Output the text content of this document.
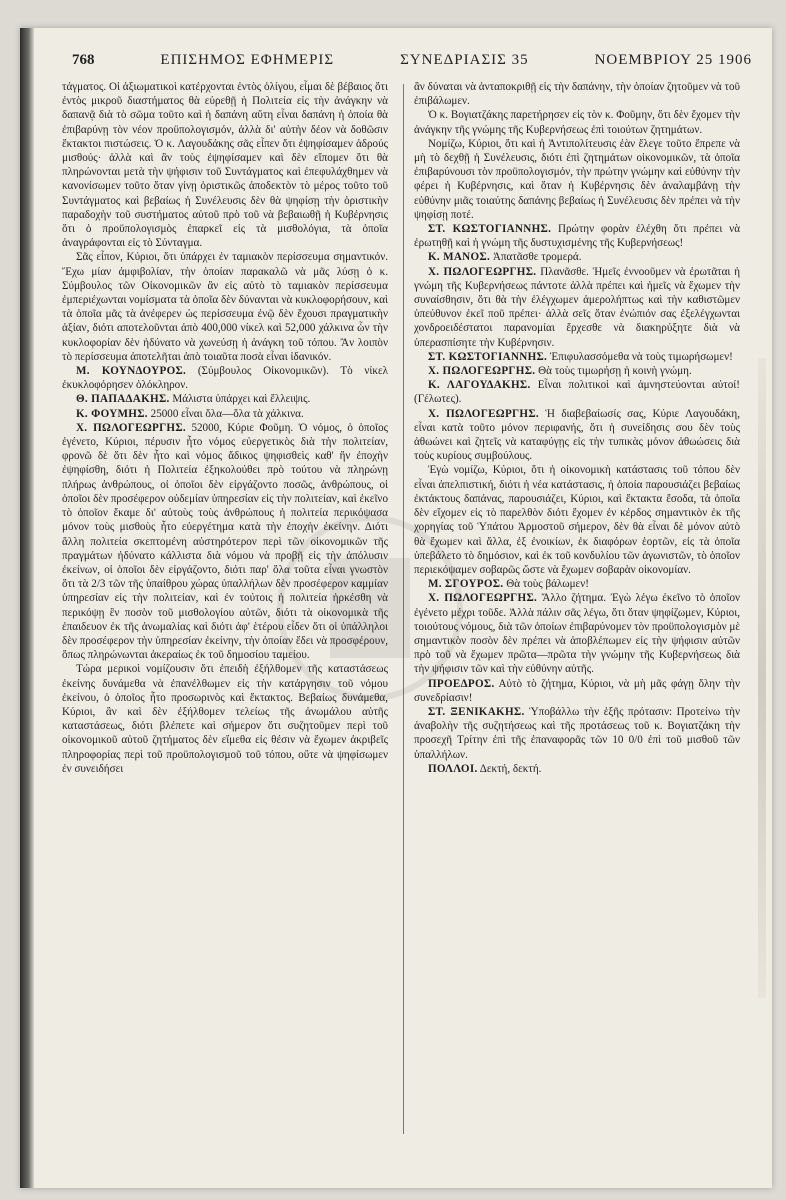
768	ΕΠΙΣΗΜΟΣ ΕΦΗΜΕΡΙΣ	ΣΥΝΕΔΡΙΑΣΙΣ 35	ΝΟΕΜΒΡΙΟΥ 25 1906

τάγματος. Οἱ ἀξιωματικοὶ κατέρχονται ἐντὸς ὀλίγου, εἶμαι δὲ βέβαιος ὅτι ἐντὸς μικροῦ διαστήματος θὰ εὑρεθῇ ἡ Πολιτεία εἰς τὴν ἀνάγκην νὰ δαπανᾷ διὰ τὸ σῶμα τοῦτο καὶ ἡ δαπάνη αὕτη εἶναι δαπάνη ἡ ὁποία θὰ ἐπιβαρύνῃ τὸν νέον προϋπολογισμόν, ἀλλὰ δι' αὐτὴν δέον νὰ δοθῶσιν ἔκτακτοι πιστώσεις. Ὁ κ. Λαγουδάκης σᾶς εἶπεν ὅτι ἐψηφίσαμεν ἀδρούς μισθούς· ἀλλὰ καὶ ἂν τοὺς ἐψηφίσαμεν καὶ δὲν εἴπομεν ὅτι θὰ πληρώνονται μετὰ τὴν ψήφισιν τοῦ Συντάγματος καὶ ἐπεφυλάχθημεν νὰ κανονίσωμεν τοῦτο ὅταν γίνῃ ὁριστικῶς ἀποδεκτὸν τὸ μέρος τοῦτο τοῦ Συντάγματος καὶ βεβαίως ἡ Συνέλευσις δὲν θὰ ψηφίσῃ τὴν ὁριστικὴν παραδοχὴν τοῦ συστήματος αὐτοῦ πρὸ τοῦ νὰ βεβαιωθῇ ἡ Κυβέρνησις ὅτι ὁ προϋπολογισμὸς ἐπαρκεῖ εἰς τὰ μισθολόγια, τὰ ὁποῖα ἀναγράφονται εἰς τὸ Σύνταγμα.

Σᾶς εἶπον, Κύριοι, ὅτι ὑπάρχει ἐν ταμιακὸν περίσσευμα σημαντικόν. Ἔχω μίαν ἀμφιβολίαν, τὴν ὁποίαν παρακαλῶ νὰ μᾶς λύσῃ ὁ κ. Σύμβουλος τῶν Οἰκονομικῶν ἂν εἰς αὐτὸ τὸ ταμιακὸν περίσσευμα ἐμπεριέχωνται νομίσματα τὰ ὁποῖα δὲν δύνανται νὰ κυκλοφορήσουν, καὶ τὰ ὁποῖα μᾶς τὰ ἀνέφερεν ὡς περίσσευμα ἐνῷ δὲν ἔχουσι πραγματικὴν ἀξίαν, διότι αποτελοῦνται ἀπὸ 400,000 νίκελ καὶ 52,000 χάλκινα ὧν τὴν κυκλοφορίαν δὲν ἠδύνατο νὰ χωνεύσῃ ἡ ἀνάγκη τοῦ τόπου. Ἂν λοιπὸν τὸ περίσσευμα ἀποτελῆται ἀπὸ τοιαῦτα ποσὰ εἶναι ἰδανικόν.

Μ. ΚΟΥΝΔΟΥΡΟΣ. (Σύμβουλος Οἰκονομικῶν). Τὸ νίκελ ἐκυκλοφόρησεν ὁλόκληρον.

Θ. ΠΑΠΑΔΑΚΗΣ. Μάλιστα ὑπάρχει καὶ ἔλλειψις.

Κ. ΦΟΥΜΗΣ. 25000 εἶναι ὅλα—ὅλα τὰ χάλκινα.

Χ. ΠΩΛΟΓΕΩΡΓΗΣ. 52000, Κύριε Φοῦμη. Ὁ νόμος, ὁ ὁποῖος ἐγένετο, Κύριοι, πέρυσιν ἦτο νόμος εὐεργετικὸς διὰ τὴν πολιτείαν, φρονῶ δὲ ὅτι δὲν ἦτο καὶ νόμος ἄδικος ψηφισθεὶς καθ' ἣν ἐποχὴν ἐψηφίσθη, διότι ἡ Πολιτεία ἐξηκολούθει πρὸ τούτου νὰ πληρώνῃ πλήρως ἀνθρώπους, οἱ ὁποῖοι δὲν εἰργάζοντο ποσῶς, ἀνθρώπους, οἱ ὁποῖοι δὲν προσέφερον οὐδεμίαν ὑπηρεσίαν εἰς τὴν πολιτείαν, καὶ ἐκεῖνο τὸ ὁποῖον ἔκαμε δι' αὐτοὺς τοὺς ἀνθρώπους ἡ πολιτεία περικόψασα μόνον τοὺς μισθοὺς ἦτο εὐεργέτημα κατὰ τὴν ἐποχὴν ἐκείνην. Διότι ἄλλη πολιτεία σκεπτομένη αὐστηρότερον περὶ τῶν οἰκονομικῶν τῆς πραγμάτων ἠδύνατο κάλλιστα διὰ νόμου νὰ προβῇ εἰς τὴν ἀπόλυσιν ἐκείνων, οἱ ὁποῖοι δὲν εἰργάζοντο, διότι παρ' ὅλα τοῦτα εἶναι γνωστὸν ὅτι τὰ 2/3 τῶν τῆς ὑπαίθρου χώρας ὑπαλλήλων δὲν προσέφερον καμμίαν ὑπηρεσίαν εἰς τὴν πολιτείαν, καὶ ἐν τούτοις ἡ πολιτεία ἠρκέσθη νὰ περικόψῃ ἓν ποσὸν τοῦ μισθολογίου αὐτῶν, διότι τὰ οἰκονομικὰ τῆς ἐπαιδευον ἐκ τῆς ἀνωμαλίας καὶ διότι ἀφ' ἑτέρου εἶδεν ὅτι οἱ ὑπάλληλοι δὲν προσέφερον τὴν ὑπηρεσίαν ἐκείνην, τὴν ὁποίαν ἔδει νὰ προσφέρουν, ὅπως πληρώνωνται ἀκεραίως ἐκ τοῦ δημοσίου ταμείου.

Τώρα μερικοὶ νομίζουσιν ὅτι ἐπειδὴ ἐξήλθομεν τῆς καταστάσεως ἐκείνης δυνάμεθα νὰ ἐπανέλθωμεν εἰς τὴν κατάργησιν τοῦ νόμου ἐκείνου, ὁ ὁποῖος ἦτο προσωρινὸς καὶ ἔκτακτος. Βεβαίως δυνάμεθα, Κύριοι, ἂν καὶ δὲν ἐξήλθομεν τελείως τῆς ἀνωμάλου αὐτῆς καταστάσεως, διότι βλέπετε καὶ σήμερον ὅτι συζητοῦμεν περὶ τοῦ οἰκονομικοῦ αὐτοῦ ζητήματος δὲν εἴμεθα εἰς θέσιν νὰ ἔχωμεν ἀκριβεῖς πληροφορίας περὶ τοῦ προϋπολογισμοῦ τοῦ τόπου, οὔτε νὰ ψηφίσωμεν ἐν συνειδήσει

ἂν δύναται νὰ ἀνταποκριθῇ εἰς τὴν δαπάνην, τὴν ὁποίαν ζητοῦμεν νὰ τοῦ ἐπιβάλωμεν.

Ὁ κ. Βογιατζάκης παρετήρησεν εἰς τὸν κ. Φοῦμην, ὅτι δὲν ἔχομεν τὴν ἀνάγκην τῆς γνώμης τῆς Κυβερνήσεως ἐπὶ τοιούτων ζητημάτων.

Νομίζω, Κύριοι, ὅτι καὶ ἡ Ἀντιπολίτευσις ἐὰν ἔλεγε τοῦτο ἔπρεπε νὰ μὴ τὸ δεχθῇ ἡ Συνέλευσις, διότι ἐπὶ ζητημάτων οἰκονομικῶν, τὰ ὁποῖα ἐπιβαρύνουσι τὸν προϋπολογισμόν, τὴν πρώτην γνώμην καὶ εὐθύνην τὴν φέρει ἡ Κυβέρνησις, καὶ ὅταν ἡ Κυβέρνησις δὲν ἀναλαμβάνῃ τὴν εὐθύνην μιᾶς τοιαύτης δαπάνης βεβαίως ἡ Συνέλευσις δὲν πρέπει νὰ τὴν ψηφίσῃ ποτέ.

ΣΤ. ΚΩΣΤΟΓΙΑΝΝΗΣ. Πρώτην φορὰν ἐλέχθη ὅτι πρέπει νὰ ἐρωτηθῇ καὶ ἡ γνώμη τῆς δυστυχισμένης τῆς Κυβερνήσεως!

Κ. ΜΑΝΟΣ. Ἀπατᾶσθε τρομερά.

Χ. ΠΩΛΟΓΕΩΡΓΗΣ. Πλανᾶσθε. Ἡμεῖς ἐννοοῦμεν νὰ ἐρωτᾶται ἡ γνώμη τῆς Κυβερνήσεως πάντοτε ἀλλὰ πρέπει καὶ ἡμεῖς νὰ ἔχωμεν τὴν συναίσθησιν, ὅτι θὰ τὴν ἐλέγχωμεν ἀμερολήπτως καὶ τὴν καθιστῶμεν ὑπεύθυνον ἐκεῖ ποῦ πρέπει· ἀλλὰ σεῖς ὅταν ἐνώπιόν σας ἐξελέγχωνται χονδροειδέστατοι παρανομίαι ἔρχεσθε νὰ διακηρύξητε διὰ νὰ ὑπερασπίσητε τὴν Κυβέρνησιν.

ΣΤ. ΚΩΣΤΟΓΙΑΝΝΗΣ. Ἐπιφυλασσόμεθα νὰ τοὺς τιμωρήσωμεν!

Χ. ΠΩΛΟΓΕΩΡΓΗΣ. Θὰ τοὺς τιμωρήσῃ ἡ κοινὴ γνώμη.

Κ. ΛΑΓΟΥΔΑΚΗΣ. Εἶναι πολιτικοὶ καὶ ἀμνηστεύονται αὐτοί! (Γέλωτες).

Χ. ΠΩΛΟΓΕΩΡΓΗΣ. Ἡ διαβεβαίωσίς σας, Κύριε Λαγουδάκη, εἶναι κατὰ τοῦτο μόνον περιφανής, ὅτι ἡ συνείδησις σου δὲν τοὺς ἀθωώνει καὶ ζητεῖς νὰ καταφύγῃς εἰς τὴν τυπικὰς μόνον ἀθωώσεις διὰ τοὺς κυρίους συμβούλους.

Ἐγὼ νομίζω, Κύριοι, ὅτι ἡ οἰκονομικὴ κατάστασις τοῦ τόπου δὲν εἶναι ἀπελπιστική, διότι ἡ νέα κατάστασις, ἡ ὁποία παρουσιάζει βεβαίως ἐκτάκτους δαπάνας, παρουσιάζει, Κύριοι, καὶ ἔκτακτα ἔσοδα, τὰ ὁποῖα δὲν εἴχομεν εἰς τὸ παρελθὸν διότι ἔχομεν ἐν κέρδος σημαντικὸν ἐκ τῆς χορηγίας τοῦ Ὑπάτου Ἁρμοστοῦ σήμερον, δὲν θὰ εἶναι δὲ μόνον αὐτὸ θὰ ἔχωμεν καὶ ἄλλα, ἐξ ἐνοικίων, ἐκ διαφόρων ἑορτῶν, εἰς τὰ ὁποῖα ὑπεβάλετο τὸ δημόσιον, καὶ ἐκ τοῦ κονδυλίου τῶν ἀγωνιστῶν, τὸ ὁποῖον περιεκόψαμεν σοβαρῶς ὥστε νὰ ἔχωμεν σοβαρὰν οἰκονομίαν.

Μ. ΣΓΟΥΡΟΣ. Θὰ τοὺς βάλωμεν!

Χ. ΠΩΛΟΓΕΩΡΓΗΣ. Ἄλλο ζήτημα. Ἐγὼ λέγω ἐκεῖνο τὸ ὁποῖον ἐγένετο μέχρι τοῦδε. Ἀλλὰ πάλιν σᾶς λέγω, ὅτι ὅταν ψηφίζωμεν, Κύριοι, τοιούτους νόμους, διὰ τῶν ὁποίων ἐπιβαρύνομεν τὸν προϋπολογισμὸν μὲ σημαντικὸν ποσὸν δὲν πρέπει νὰ ἀποβλέπωμεν εἰς τὴν ψήφισιν αὐτῶν πρὸ τοῦ νὰ ἔχωμεν πρῶτα—πρῶτα τὴν γνώμην τῆς Κυβερνήσεως διὰ τὴν ψήφισιν τῶν καὶ τὴν εὐθύνην αὐτῆς.

ΠΡΟΕΔΡΟΣ. Αὐτὸ τὸ ζήτημα, Κύριοι, νὰ μὴ μᾶς φάγῃ ὅλην τὴν συνεδρίασιν!

ΣΤ. ΞΕΝΙΚΑΚΗΣ. Ὑποβάλλω τὴν ἑξῆς πρότασιν: Προτείνω τὴν ἀναβολὴν τῆς συζητήσεως καὶ τῆς προτάσεως τοῦ κ. Βογιατζάκη τὴν προσεχῆ Τρίτην ἐπὶ τῆς ἐπαναφορᾶς τῶν 10 0/0 ἐπὶ τοῦ μισθοῦ τῶν ὑπαλλήλων.

ΠΟΛΛΟΙ. Δεκτή, δεκτή.
